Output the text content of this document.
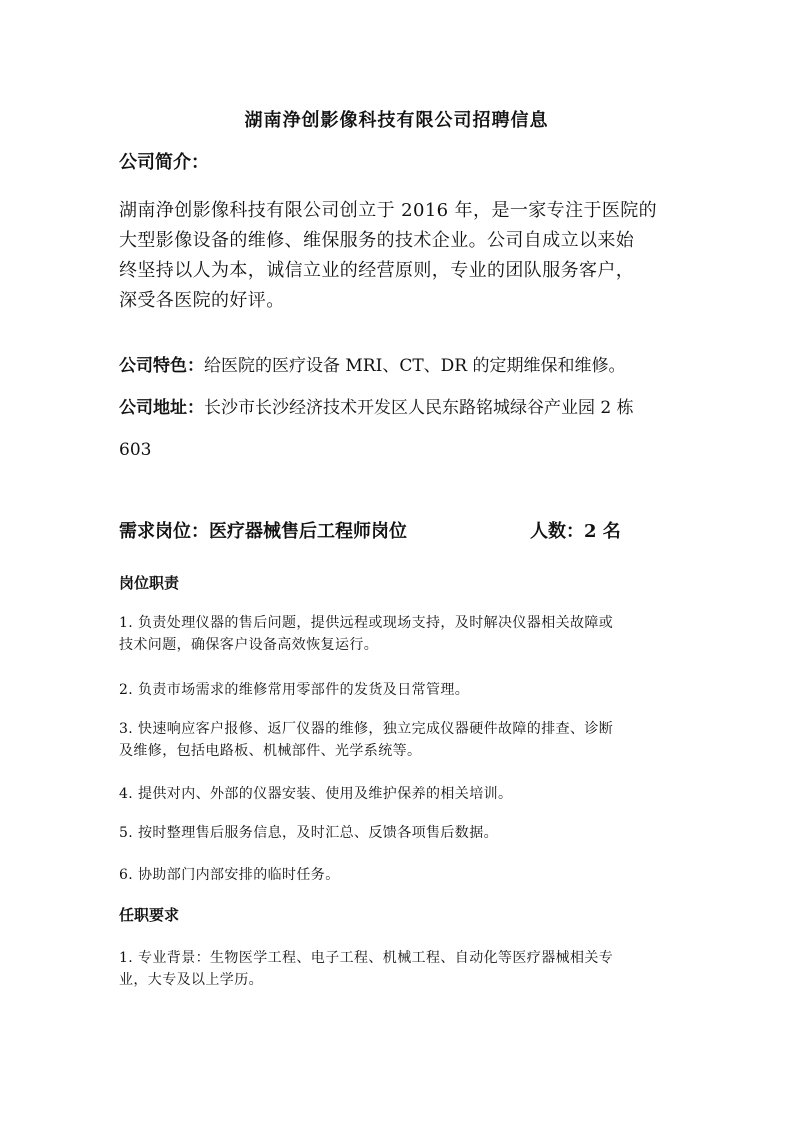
湖南浄创影像科技有限公司招聘信息
公司简介：
湖南浄创影像科技有限公司创立于 2016 年，是一家专注于医院的
大型影像设备的维修、维保服务的技术企业。公司自成立以来始
终坚持以人为本，诚信立业的经营原则，专业的团队服务客户，
深受各医院的好评。
公司特色：给医院的医疗设备 MRI、CT、DR 的定期维保和维修。
公司地址：长沙市长沙经济技术开发区人民东路铭城绿谷产业园 2 栋
603
需求岗位：医疗器械售后工程师岗位	人数：2 名
岗位职责
1. 负责处理仪器的售后问题，提供远程或现场支持，及时解决仪器相关故障或
技术问题，确保客户设备高效恢复运行。
2. 负责市场需求的维修常用零部件的发货及日常管理。
3. 快速响应客户报修、返厂仪器的维修，独立完成仪器硬件故障的排查、诊断
及维修，包括电路板、机械部件、光学系统等。
4. 提供对内、外部的仪器安装、使用及维护保养的相关培训。
5. 按时整理售后服务信息，及时汇总、反馈各项售后数据。
6. 协助部门内部安排的临时任务。
任职要求
1. 专业背景：生物医学工程、电子工程、机械工程、自动化等医疗器械相关专
业，大专及以上学历。
